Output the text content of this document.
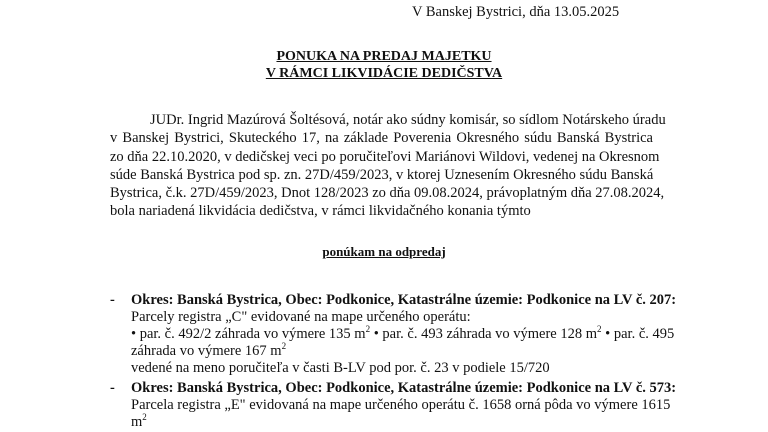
V Banskej Bystrici, dňa 13.05.2025
PONUKA NA PREDAJ MAJETKU
V RÁMCI LIKVIDÁCIE DEDIČSTVA
JUDr. Ingrid Mazúrová Šoltésová, notár ako súdny komisár, so sídlom Notárskeho úradu
v Banskej Bystrici, Skuteckého 17, na základe Poverenia Okresného súdu Banská Bystrica
zo dňa 22.10.2020, v dedičskej veci po poručiteľovi Mariánovi Wildovi, vedenej na Okresnom
súde Banská Bystrica pod sp. zn. 27D/459/2023, v ktorej Uznesením Okresného súdu Banská
Bystrica, č.k. 27D/459/2023, Dnot 128/2023 zo dňa 09.08.2024, právoplatným dňa 27.08.2024,
bola nariadená likvidácia dedičstva, v rámci likvidačného konania týmto
ponúkam na odpredaj
- Okres: Banská Bystrica, Obec: Podkonice, Katastrálne územie: Podkonice na LV č. 207:
Parcely registra „C" evidované na mape určeného operátu:
• par. č. 492/2 záhrada vo výmere 135 $m^2$ • par. č. 493 záhrada vo výmere 128 $m^2$ • par. č. 495
záhrada vo výmere 167 $m^2$
vedené na meno poručiteľa v časti B-LV pod por. č. 23 v podiele 15/720
- Okres: Banská Bystrica, Obec: Podkonice, Katastrálne územie: Podkonice na LV č. 573:
Parcela registra „E" evidovaná na mape určeného operátu č. 1658 orná pôda vo výmere 1615
$m^2$
